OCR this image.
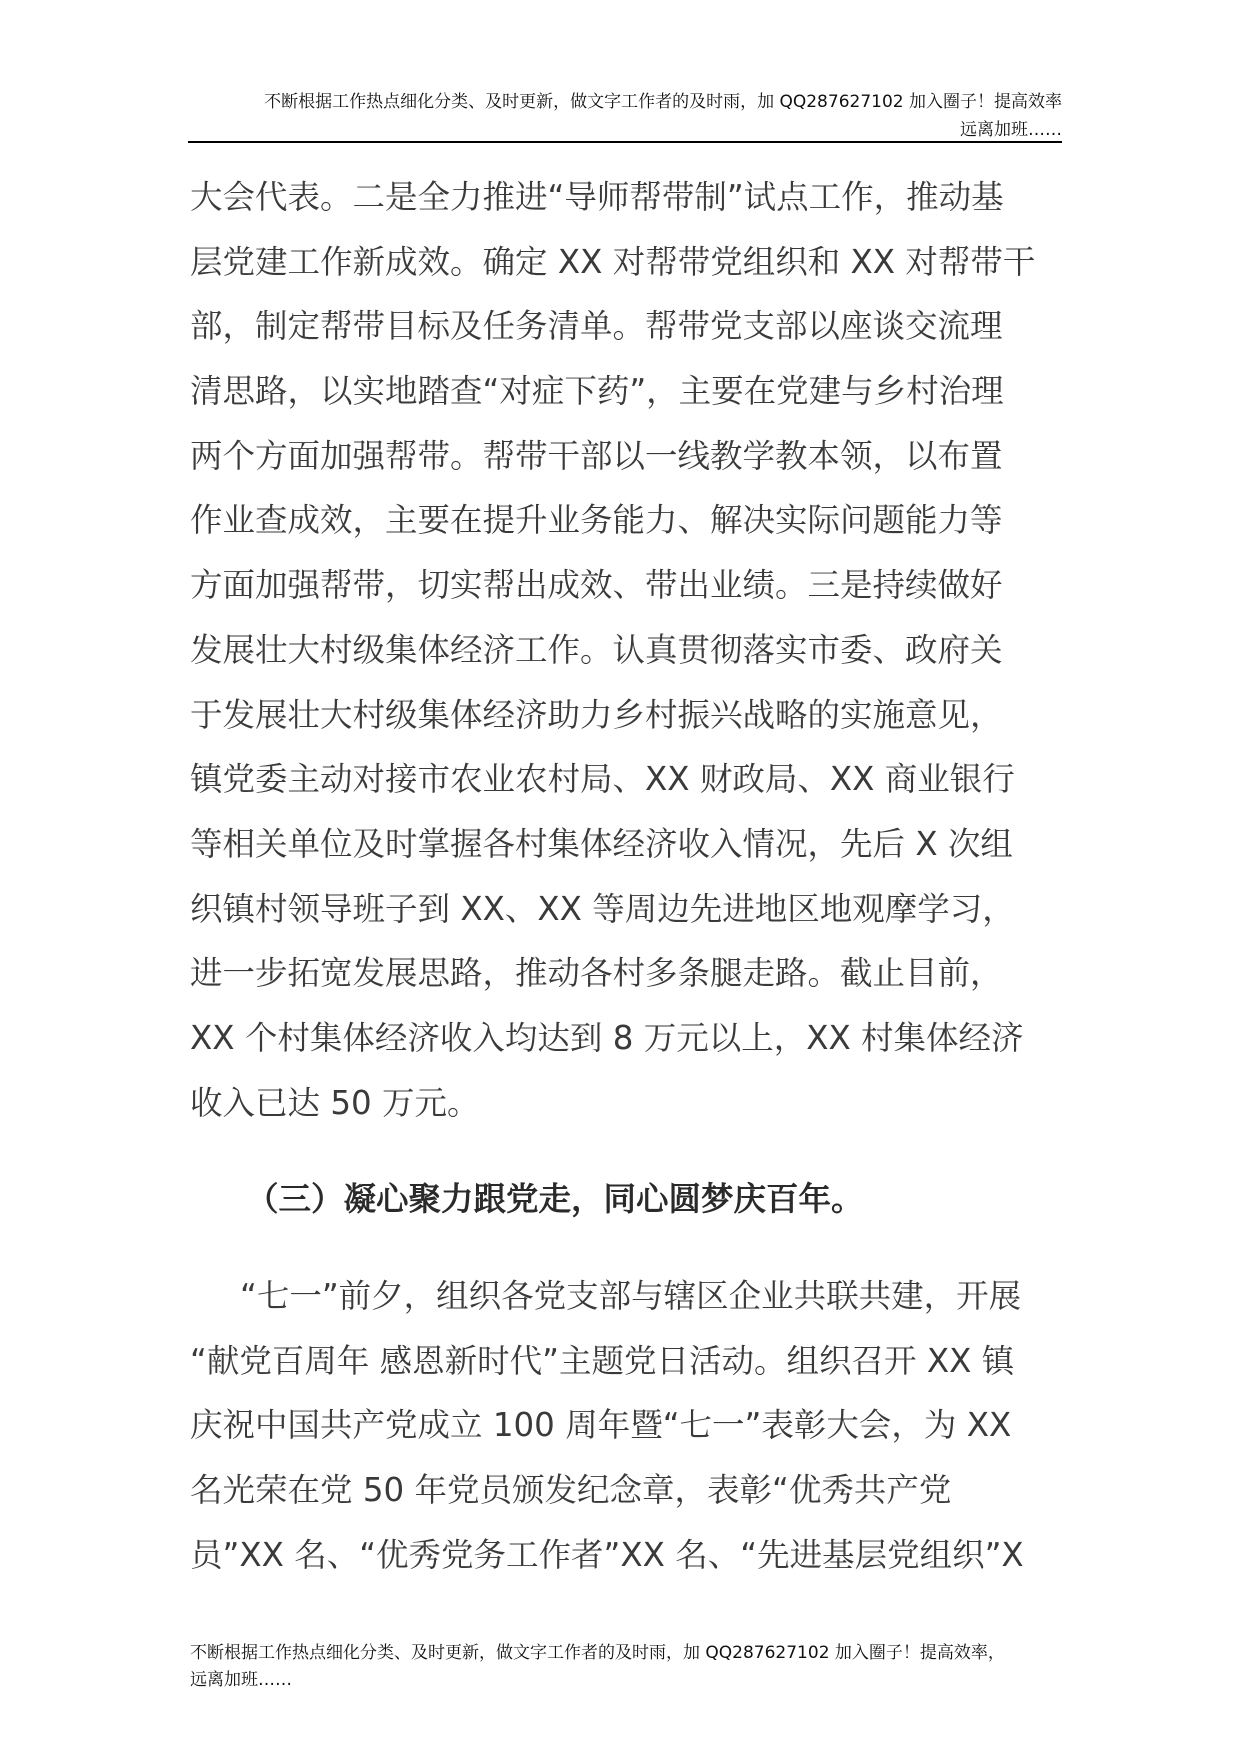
不断根据工作热点细化分类、及时更新，做文字工作者的及时雨，加 QQ287627102 加入圈子！提高效率
远离加班……
大会代表。二是全力推进“导师帮带制”试点工作，推动基
层党建工作新成效。确定 XX 对帮带党组织和 XX 对帮带干
部，制定帮带目标及任务清单。帮带党支部以座谈交流理
清思路，以实地踏查“对症下药”，主要在党建与乡村治理
两个方面加强帮带。帮带干部以一线教学教本领，以布置
作业查成效，主要在提升业务能力、解决实际问题能力等
方面加强帮带，切实帮出成效、带出业绩。三是持续做好
发展壮大村级集体经济工作。认真贯彻落实市委、政府关
于发展壮大村级集体经济助力乡村振兴战略的实施意见，
镇党委主动对接市农业农村局、XX 财政局、XX 商业银行
等相关单位及时掌握各村集体经济收入情况，先后 X 次组
织镇村领导班子到 XX、XX 等周边先进地区地观摩学习，
进一步拓宽发展思路，推动各村多条腿走路。截止目前，
XX 个村集体经济收入均达到 8 万元以上，XX 村集体经济
收入已达 50 万元。
（三）凝心聚力跟党走，同心圆梦庆百年。
“七一”前夕，组织各党支部与辖区企业共联共建，开展
“献党百周年 感恩新时代”主题党日活动。组织召开 XX 镇
庆祝中国共产党成立 100 周年暨“七一”表彰大会，为 XX
名光荣在党 50 年党员颁发纪念章，表彰“优秀共产党
员”XX 名、“优秀党务工作者”XX 名、“先进基层党组织”X
不断根据工作热点细化分类、及时更新，做文字工作者的及时雨，加 QQ287627102 加入圈子！提高效率，
远离加班……
